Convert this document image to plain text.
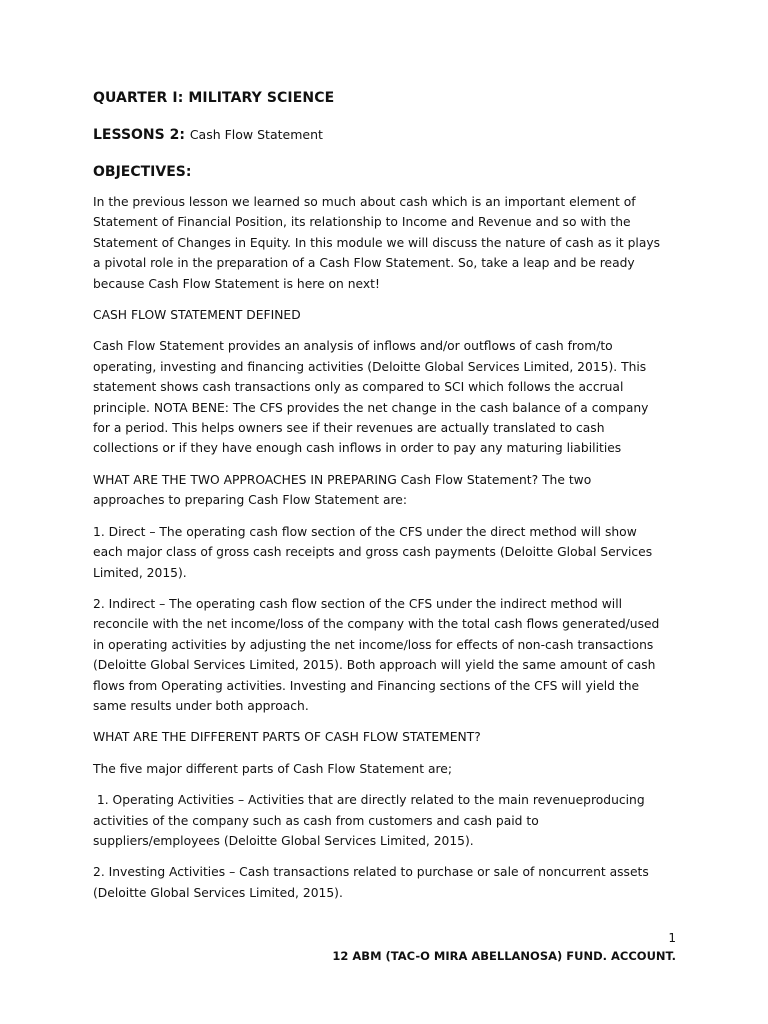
QUARTER I: MILITARY SCIENCE
LESSONS 2: Cash Flow Statement
OBJECTIVES:

In the previous lesson we learned so much about cash which is an important element of
Statement of Financial Position, its relationship to Income and Revenue and so with the
Statement of Changes in Equity. In this module we will discuss the nature of cash as it plays
a pivotal role in the preparation of a Cash Flow Statement. So, take a leap and be ready
because Cash Flow Statement is here on next!

CASH FLOW STATEMENT DEFINED

Cash Flow Statement provides an analysis of inflows and/or outflows of cash from/to
operating, investing and financing activities (Deloitte Global Services Limited, 2015). This
statement shows cash transactions only as compared to SCI which follows the accrual
principle. NOTA BENE: The CFS provides the net change in the cash balance of a company
for a period. This helps owners see if their revenues are actually translated to cash
collections or if they have enough cash inflows in order to pay any maturing liabilities

WHAT ARE THE TWO APPROACHES IN PREPARING Cash Flow Statement? The two
approaches to preparing Cash Flow Statement are:

1. Direct – The operating cash flow section of the CFS under the direct method will show
each major class of gross cash receipts and gross cash payments (Deloitte Global Services
Limited, 2015).

2. Indirect – The operating cash flow section of the CFS under the indirect method will
reconcile with the net income/loss of the company with the total cash flows generated/used
in operating activities by adjusting the net income/loss for effects of non-cash transactions
(Deloitte Global Services Limited, 2015). Both approach will yield the same amount of cash
flows from Operating activities. Investing and Financing sections of the CFS will yield the
same results under both approach.

WHAT ARE THE DIFFERENT PARTS OF CASH FLOW STATEMENT?

The five major different parts of Cash Flow Statement are;

1. Operating Activities – Activities that are directly related to the main revenueproducing
activities of the company such as cash from customers and cash paid to
suppliers/employees (Deloitte Global Services Limited, 2015).

2. Investing Activities – Cash transactions related to purchase or sale of noncurrent assets
(Deloitte Global Services Limited, 2015).

1
12 ABM (TAC-O MIRA ABELLANOSA) FUND. ACCOUNT.
